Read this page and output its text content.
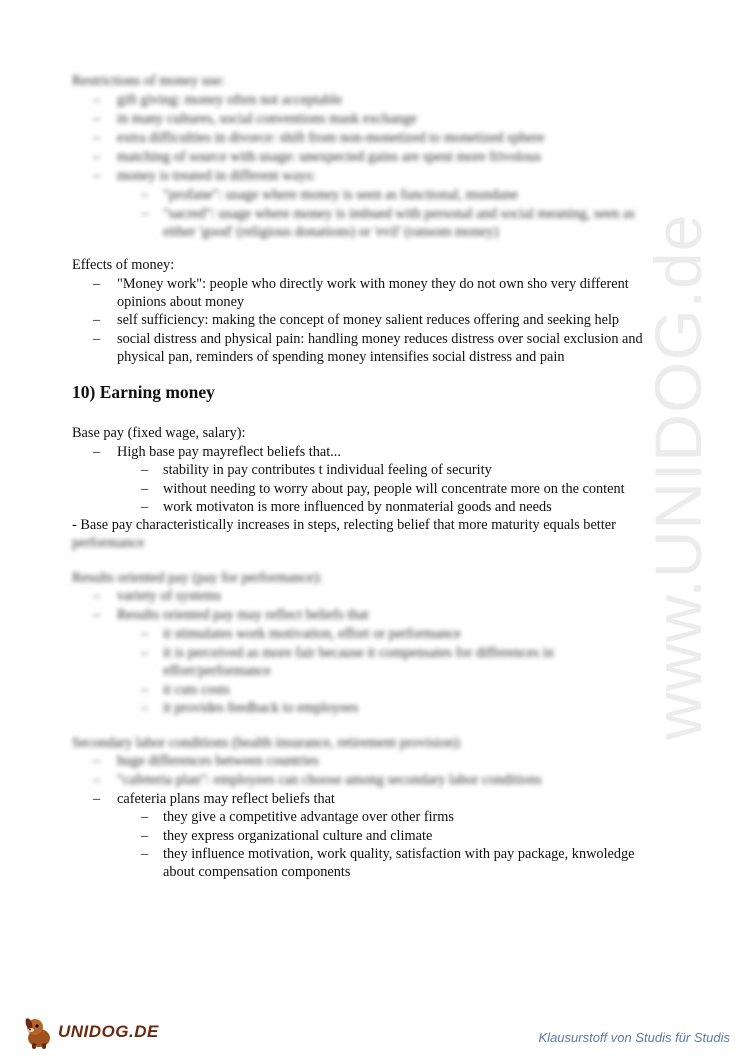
www.UNIDOG.de
Restrictions of money use:
– gift giving: money often not acceptable
– in many cultures, social conventions mask exchange
– extra difficulties in divorce: shift from non-monetized to monetized sphere
– matching of source with usage: unexpected gains are spent more frivolous
– money is treated in different ways:
– "profane": usage where money is seen as functional, mundane
– "sacred": usage where money is imbued with personal and social meaning, seen as
either 'good' (religious donations) or 'evil' (ransom money)
Effects of money:
– "Money work": people who directly work with money they do not own sho very different
opinions about money
– self sufficiency: making the concept of money salient reduces offering and seeking help
– social distress and physical pain: handling money reduces distress over social exclusion and
physical pan, reminders of spending money intensifies social distress and pain
10) Earning money
Base pay (fixed wage, salary):
– High base pay mayreflect beliefs that...
– stability in pay contributes t individual feeling of security
– without needing to worry about pay, people will concentrate more on the content
– work motivaton is more influenced by nonmaterial goods and needs
- Base pay characteristically increases in steps, relecting belief that more maturity equals better
performance
Results oriented pay (pay for performance):
– variety of systems
– Results oriented pay may reflect beliefs that
– it stimulates work motivation, effort or performance
– it is perceived as more fair because it compensates for differences in
effort/performance
– it cuts costs
– it provides feedback to employees
Secondary labor conditions (health insurance, retirement provision):
– huge differences between countries
– "cafeteria plan": employees can choose among secondary labor conditions
– cafeteria plans may reflect beliefs that
– they give a competitive advantage over other firms
– they express organizational culture and climate
– they influence motivation, work quality, satisfaction with pay package, knwoledge
about compensation components
UNIDOG.DE	Klausurstoff von Studis für Studis
